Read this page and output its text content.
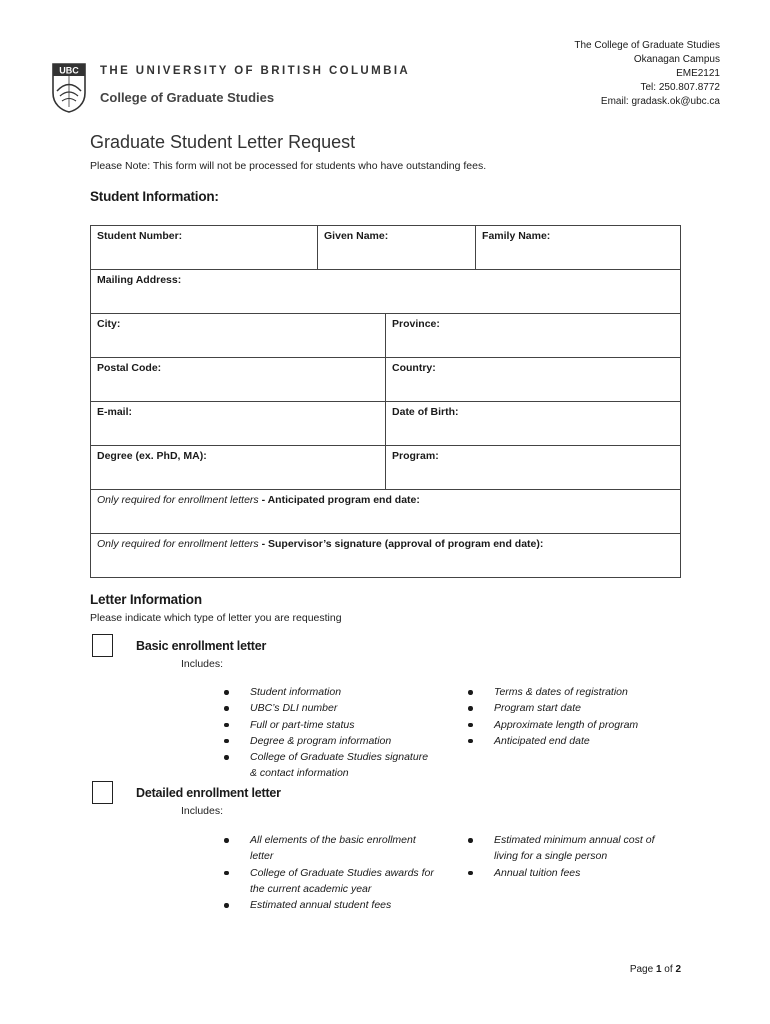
UBC THE UNIVERSITY OF BRITISH COLUMBIA
College of Graduate Studies
The College of Graduate Studies
Okanagan Campus
EME2121
Tel: 250.807.8772
Email: gradask.ok@ubc.ca
Graduate Student Letter Request
Please Note: This form will not be processed for students who have outstanding fees.
Student Information:
Student Number:	Given Name:		Family Name:
Mailing Address:			
City:		Province:	
Postal Code:		Country:	
E-mail:		Date of Birth:	
Degree (ex. PhD, MA):		Program:	
Only required for enrollment letters - Anticipated program end date:			
Only required for enrollment letters - Supervisor’s signature (approval of program end date):			
Letter Information
Please indicate which type of letter you are requesting
Basic enrollment letter
Includes:
Student information
UBC’s DLI number
Full or part-time status
Degree & program information
College of Graduate Studies signature & contact information
Terms & dates of registration
Program start date
Approximate length of program
Anticipated end date
Detailed enrollment letter
Includes:
All elements of the basic enrollment letter
College of Graduate Studies awards for the current academic year
Estimated annual student fees
Estimated minimum annual cost of living for a single person
Annual tuition fees
Page 1 of 2
